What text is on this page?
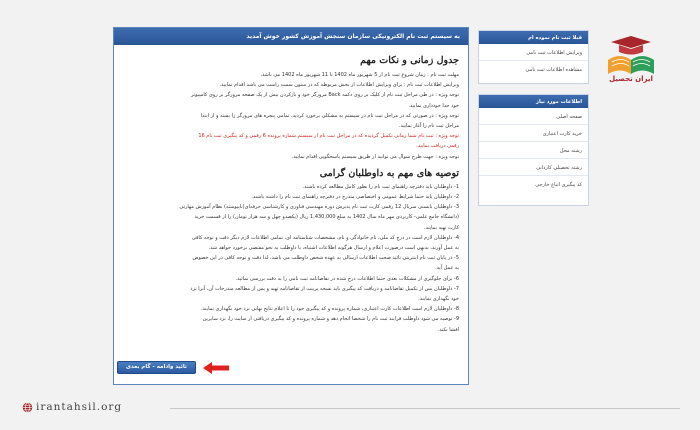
به سیستم ثبت نام الکترونیکی سازمان سنجش آموزش کشور خوش آمدید
جدول زمانی و نکات مهم
مهلت ثبت نام : زمان شروع ثبت نام از 5 شهریور ماه 1402 تا 11 شهریور ماه 1402 می باشد.
ویرایش اطلاعات ثبت نام : برای ویرایش اطلاعات از بخش مربوطه که در ستون سمت راست می باشد اقدام نمایید.
توجه ویژه : در طی مراحل ثبت نام از کلیک بر روی دکمه Back مرورگر خود و بازکردن بیش از یک صفحه مرورگر بر روی کامپیوتر
خود جدا خودداری نمایید.
توجه ویژه : در صورتی که در مراحل ثبت نام در سیستم به مشکلی برخورد کردید، تمامی پنجره های مرورگر را بسته و از ابتدا
مراحل ثبت نام را آغاز نمایید.
توجه ویژه : ثبت نام شما زمانی تکمیل گردیده که در مراحل ثبت نام از سیستم شماره پرونده 6 رقمی و کد پیگیری ثبت نام 16
رقمی دریافت نمایید.
توجه ویژه : جهت طرح سوال می توانید از طریق سیستم پاسخگویی اقدام نمایید.
توصیه های مهم به داوطلبان گرامی
1- داوطلبان باید دفترچه راهنمای ثبت نام را بطور کامل مطالعه کرده باشند.
2- داوطلبان باید حتما شرایط عمومی و اختصاصی مندرج در دفترچه راهنمای ثبت نام را داشته باشند.
3- داوطلبان بایستی سریال 12 رقمی کارت ثبت نام پذیرش دوره مهندسی فناوری و کارشناسی حرفه‌ای(ناپیوسته) نظام آموزش مهارتی
(دانشگاه جامع علمی- کاربردی مهر ماه سال 1402 به مبلغ 1,430,000 ریال (یکصدو چهل و سه هزار تومان) را از قسمت خرید
کارت تهیه نمایند.
4- داوطلبان لازم است در درج کد ملی، نام خانوادگی و نام، مشخصات شناسنامه ای، تمامی اطلاعات لازم دیگر دقت و توجه کافی
به عمل آورند، بدیهی است درصورت اعلام و ارسال هرگونه اطلاعات اشتباه، با داوطلب به نحو مقتضی برخورد خواهد شد.
5- در پایان ثبت نام اینترنتی تائید صحت اطلاعات ارسالی به عهده شخص داوطلب می باشد، لذا دقت و توجه کافی در این خصوص
به عمل آید.
6- برای جلوگیری از مشکلات بعدی حتما اطلاعات درج شده در تقاضانامه ثبت نامی را به دقت بررسی نمائید.
7- داوطلبان پس از تکمیل تقاضانامه و دریافت کد پیگیری باید نسخه پرینت از تقاضانامه تهیه و پس از مطالعه مندرجات آن، آنرا نزد
خود نگهداری نمایند.
8- داوطلبان لازم است اطلاعات کارت اعتباری، شماره پرونده و کد پیگیری خود را تا اعلام نتایج نهایی نزد خود نگهداری نمایند.
9- توصیه می شود داوطلب فرایند ثبت نام را شخصا انجام دهد و شماره پرونده و کد پیگیری دریافتی از سایت را، نزد سایرین
افشا نکند.
تائید وادامه - گام بعدی
قبلا ثبت نام نموده ام
ویرایش اطلاعات ثبت نامی
مشاهده اطلاعات ثبت نامی
اطلاعات مورد نیاز
صفحه اصلی
خرید کارت اعتباری
رشته محل
رشته تحصیلی کاردانی
کد پیگیری اتباع خارجی
ایران تحصیل
irantahsil.org
